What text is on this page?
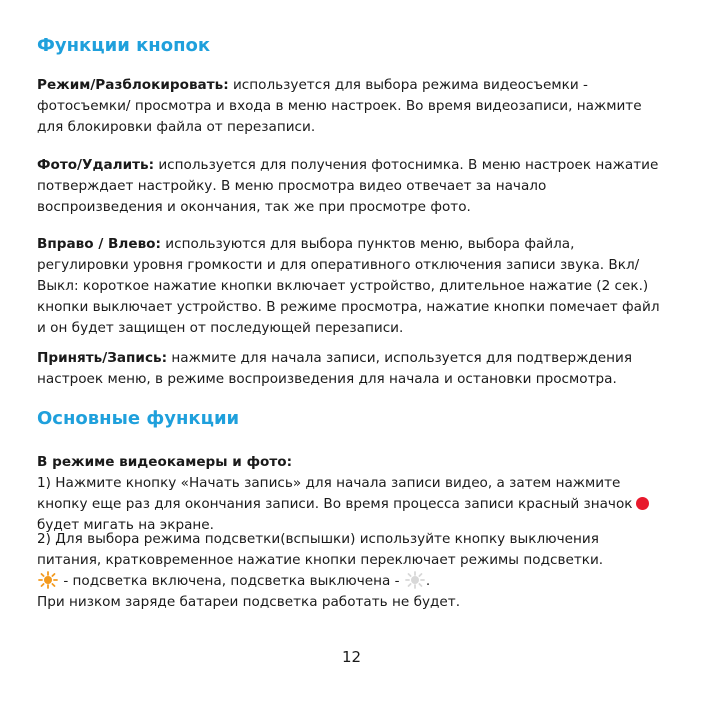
Функции кнопок

Режим/Разблокировать: используется для выбора режима видеосъемки - фотосъемки/ просмотра и входа в меню настроек. Во время видеозаписи, нажмите для блокировки файла от перезаписи.

Фото/Удалить: используется для получения фотоснимка. В меню настроек нажатие потверждает настройку. В меню просмотра видео отвечает за начало воспроизведения и окончания, так же при просмотре фото.

Вправо / Влево: используются для выбора пунктов меню, выбора файла, регулировки уровня громкости и для оперативного отключения записи звука. Вкл/Выкл: короткое нажатие кнопки включает устройство, длительное нажатие (2 сек.) кнопки выключает устройство. В режиме просмотра, нажатие кнопки помечает файл и он будет защищен от последующей перезаписи.

Принять/Запись: нажмите для начала записи, используется для подтверждения настроек меню, в режиме воспроизведения для начала и остановки просмотра.

Основные функции

В режиме видеокамеры и фото:

1) Нажмите кнопку «Начать запись» для начала записи видео, а затем нажмите кнопку еще раз для окончания записи. Во время процесса записи красный значокбудет мигать на экране.

2) Для выбора режима подсветки(вспышки) используйте кнопку выключения питания, кратковременное нажатие кнопки переключает режимы подсветки.
- подсветка включена, подсветка выключена - .
При низком заряде батареи подсветка работать не будет.

12
